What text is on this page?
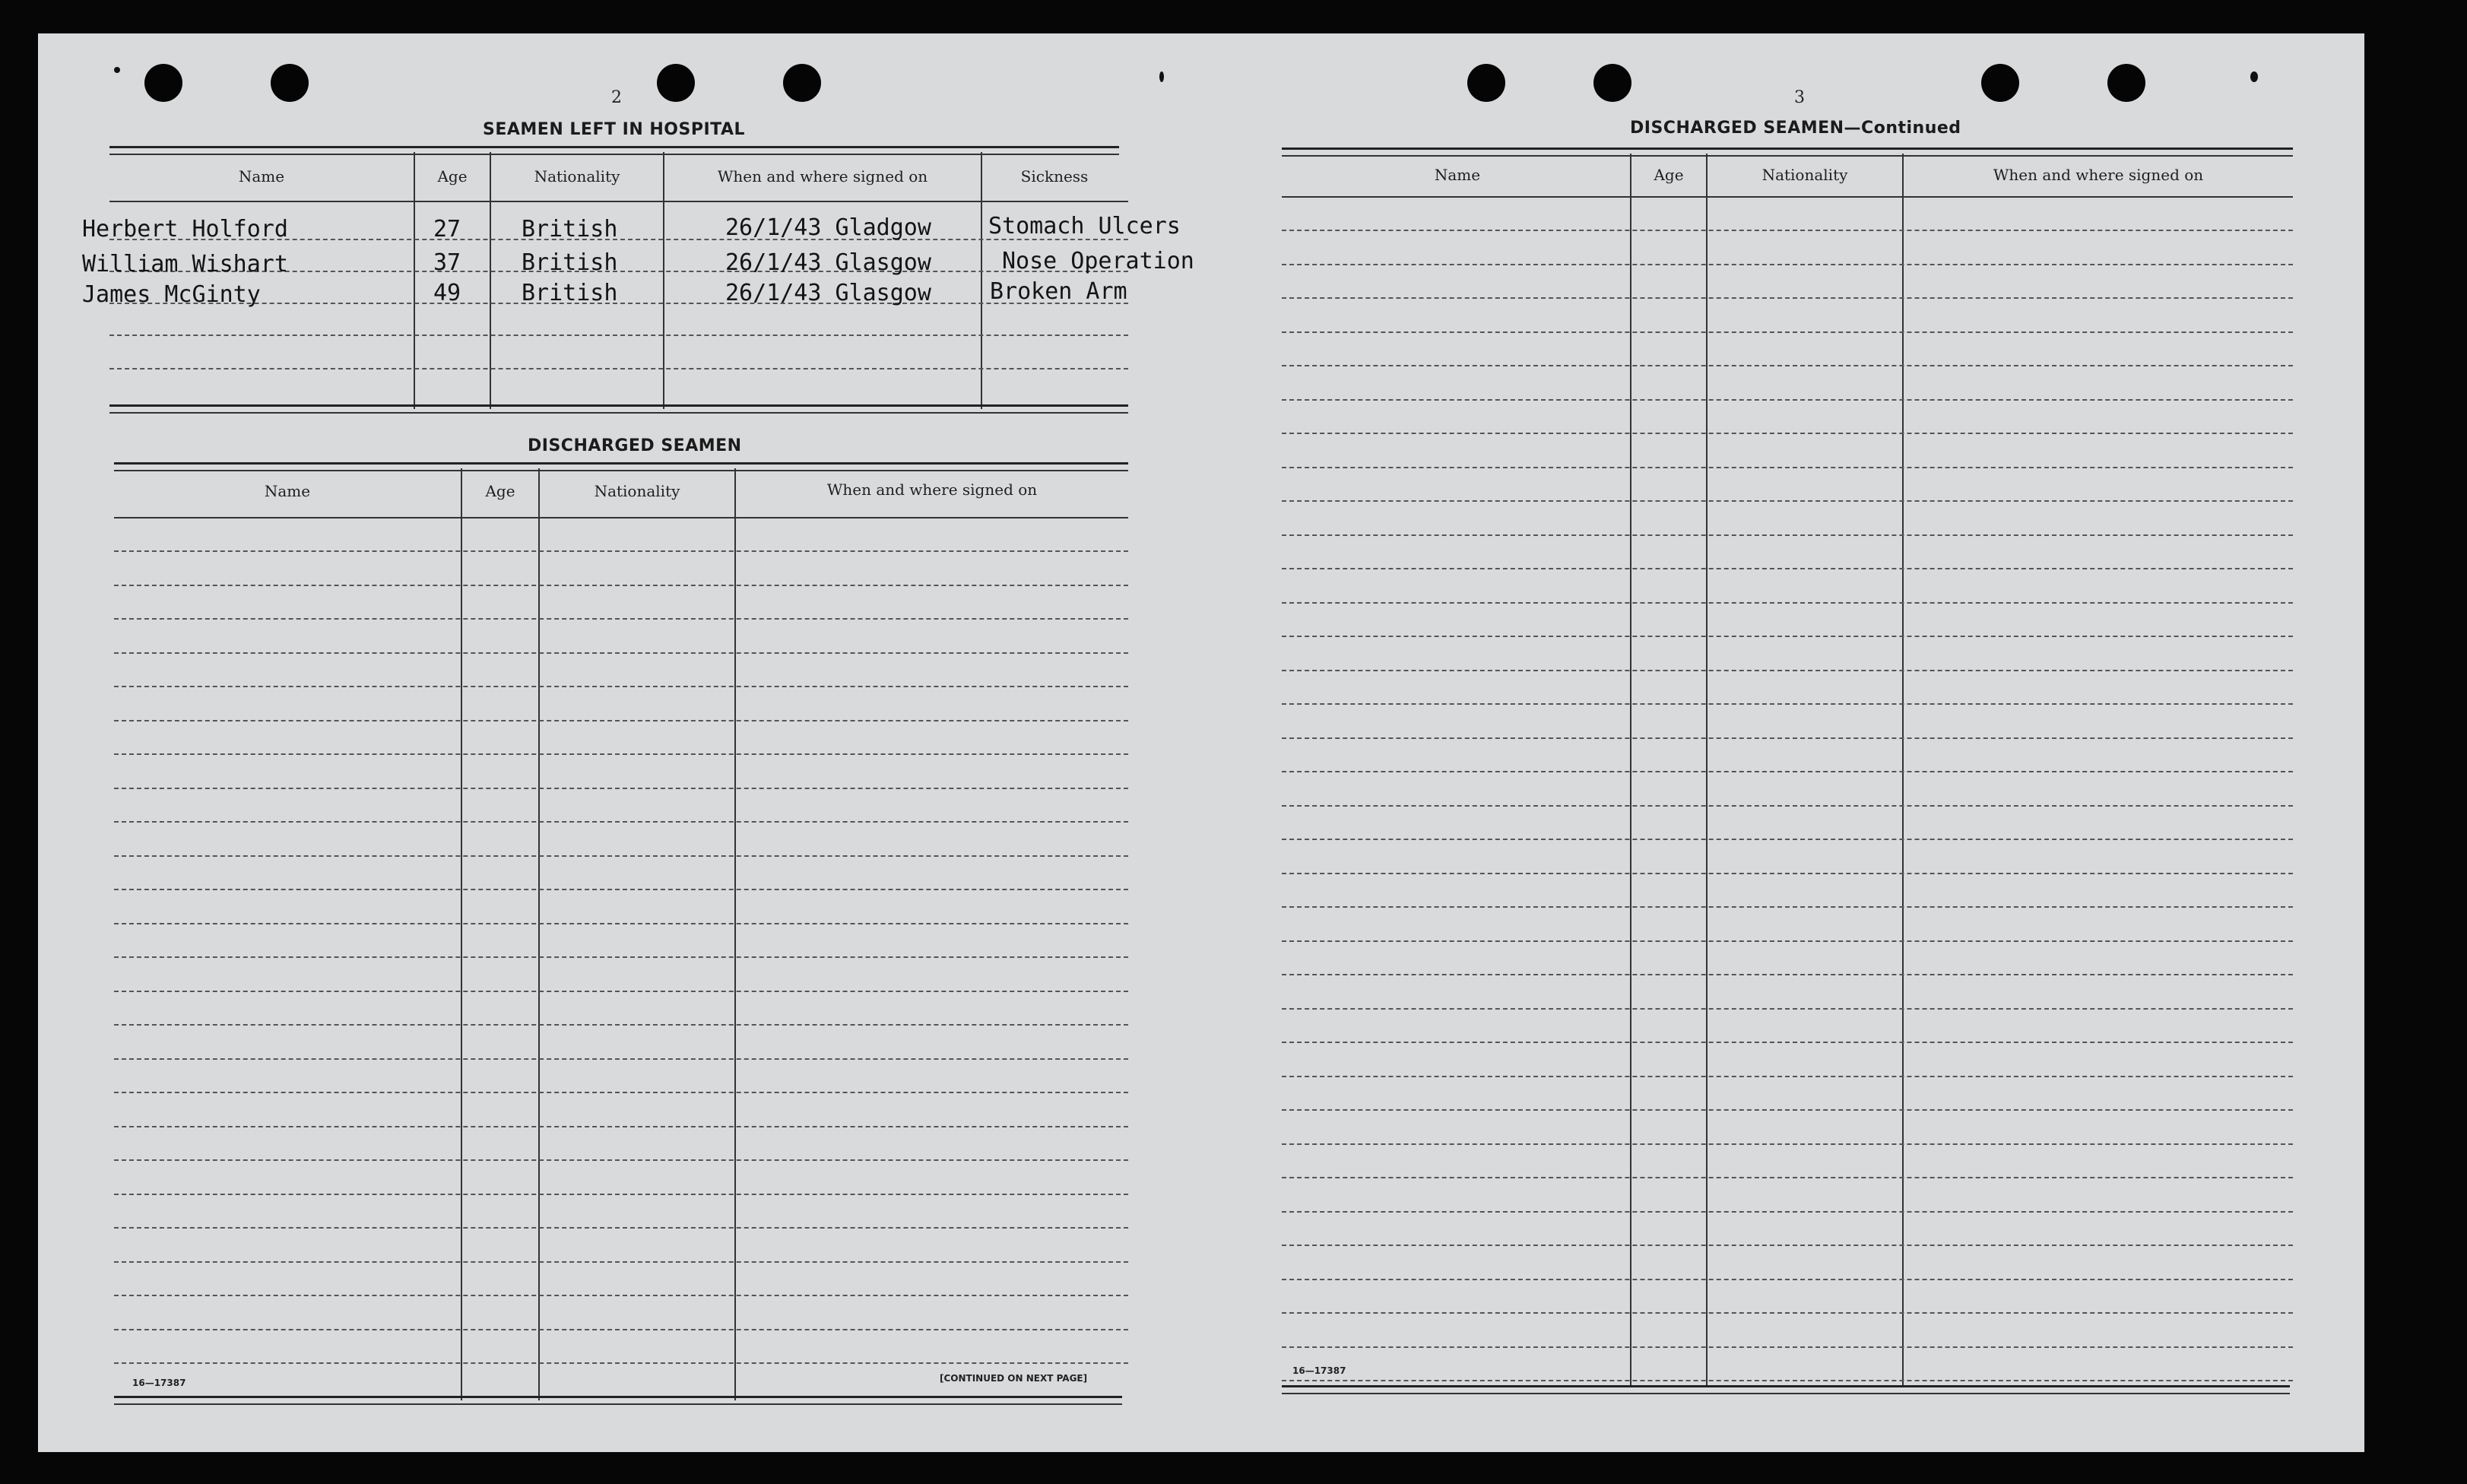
2
SEAMEN LEFT IN HOSPITAL
Name	Age	Nationality	When and where signed on	Sickness
Herbert Holford	27	British	26/1/43 Gladgow	Stomach Ulcers
William Wishart	37	British	26/1/43 Glasgow	Nose Operation
James McGinty	49	British	26/1/43 Glasgow	Broken Arm
DISCHARGED SEAMEN
Name	Age	Nationality	When and where signed on
16—17387	[CONTINUED ON NEXT PAGE]
3
DISCHARGED SEAMEN—Continued
Name	Age	Nationality	When and where signed on
16—17387
